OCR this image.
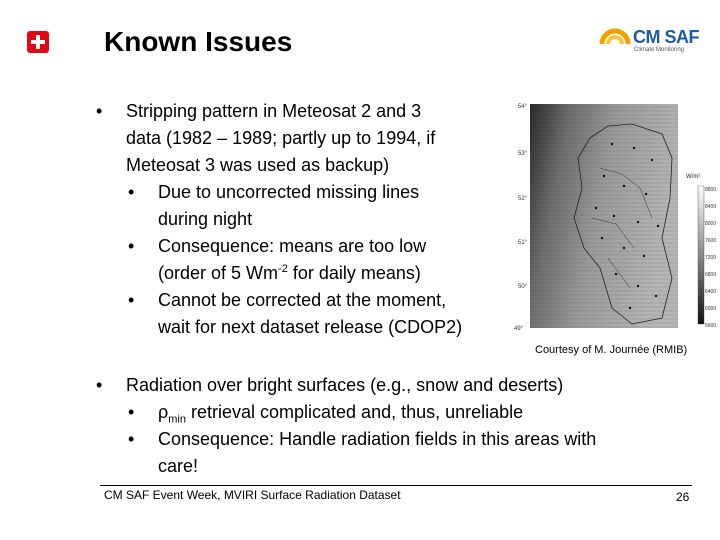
Known Issues	CM SAF
Climate Monitoring
• Stripping pattern in Meteosat 2 and 3
data (1982 – 1989; partly up to 1994, if
Meteosat 3 was used as backup)
• Due to uncorrected missing lines
during night
• Consequence: means are too low
(order of 5 $Wm^{-2}$ for daily means)
• Cannot be corrected at the moment,
wait for next dataset release (CDOP2)
54°
53°
52°
51°
50°
49°
W/m²
8800
8400
8000
7600
7200
6800
6400
6000
5600
Courtesy of M. Journée (RMIB)
• Radiation over bright surfaces (e.g., snow and deserts)
• $\rho_{min}$ retrieval complicated and, thus, unreliable
• Consequence: Handle radiation fields in this areas with
care!
CM SAF Event Week, MVIRI Surface Radiation Dataset	26
